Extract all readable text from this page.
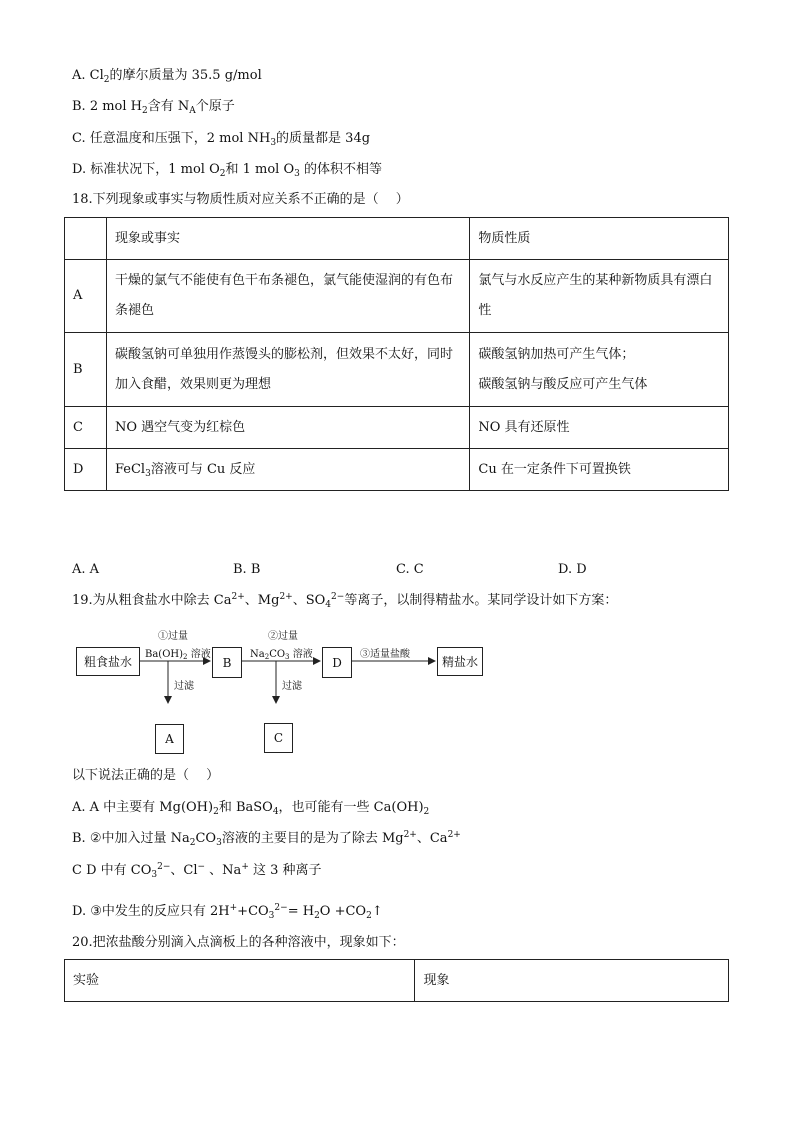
A. $Cl_2$的摩尔质量为 35.5 g/mol
B. 2 mol $H_2$含有 $N_A$个原子
C. 任意温度和压强下，2 mol $NH_3$的质量都是 34g
D. 标准状况下，1 mol $O_2$和 1 mol $O_3$ 的体积不相等
18.下列现象或事实与物质性质对应关系不正确的是（　 ）
	现象或事实	物质性质
A	干燥的氯气不能使有色干布条褪色，氯气能使湿润的有色布条褪色	氯气与水反应产生的某种新物质具有漂白性
B	碳酸氢钠可单独用作蒸馒头的膨松剂，但效果不太好，同时加入食醋，效果则更为理想	碳酸氢钠加热可产生气体；
碳酸氢钠与酸反应可产生气体

C	NO 遇空气变为红棕色	NO 具有还原性
D	FeCl$_3$溶液可与 Cu 反应	Cu 在一定条件下可置换铁
A. A	B. B	C. C	D. D
19.为从粗食盐水中除去 $Ca^{2+}$、$Mg^{2+}$、$SO_4^{2-}$等离子，以制得精盐水。某同学设计如下方案：
粗食盐水
①过量
$Ba(OH)_2$ 溶液
B
②过量
$Na_2CO_3$ 溶液
D
③适量盐酸
精盐水
过滤	过滤
A	C
以下说法正确的是（　 ）
A. A 中主要有 $Mg(OH)_2$和 BaSO$_4$，也可能有一些 $Ca(OH)_2$
B. ②中加入过量 $Na_2CO_3$溶液的主要目的是为了除去 $Mg^{2+}$、$Ca^{2+}$
C D 中有 $CO_3^{2-}$、Cl− 、Na+ 这 3 种离子
D. ③中发生的反应只有 $2H^++CO_3^{2-}= H_2O$ $+CO_2↑$
20.把浓盐酸分别滴入点滴板上的各种溶液中，现象如下：
实验	现象
